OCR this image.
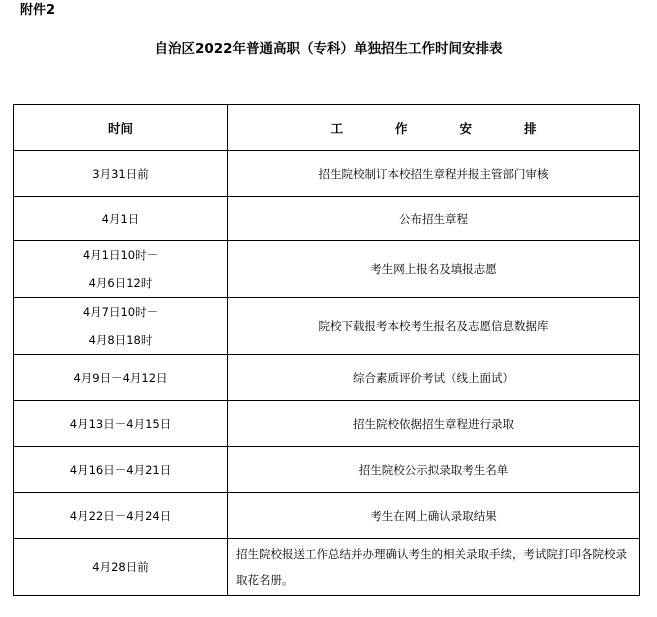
附件2
自治区2022年普通高职（专科）单独招生工作时间安排表
时间	工 作 安 排
3月31日前	招生院校制订本校招生章程并报主管部门审核
4月1日	公布招生章程

4月1日10时－
4月6日12时	考生网上报名及填报志愿

4月7日10时－
4月8日18时	院校下载报考本校考生报名及志愿信息数据库
4月9日－4月12日	综合素质评价考试（线上面试）
4月13日－4月15日	招生院校依据招生章程进行录取
4月16日－4月21日	招生院校公示拟录取考生名单
4月22日－4月24日	考生在网上确认录取结果
4月28日前	招生院校报送工作总结并办理确认考生的相关录取手续，考试院打印各院校录取花名册。
